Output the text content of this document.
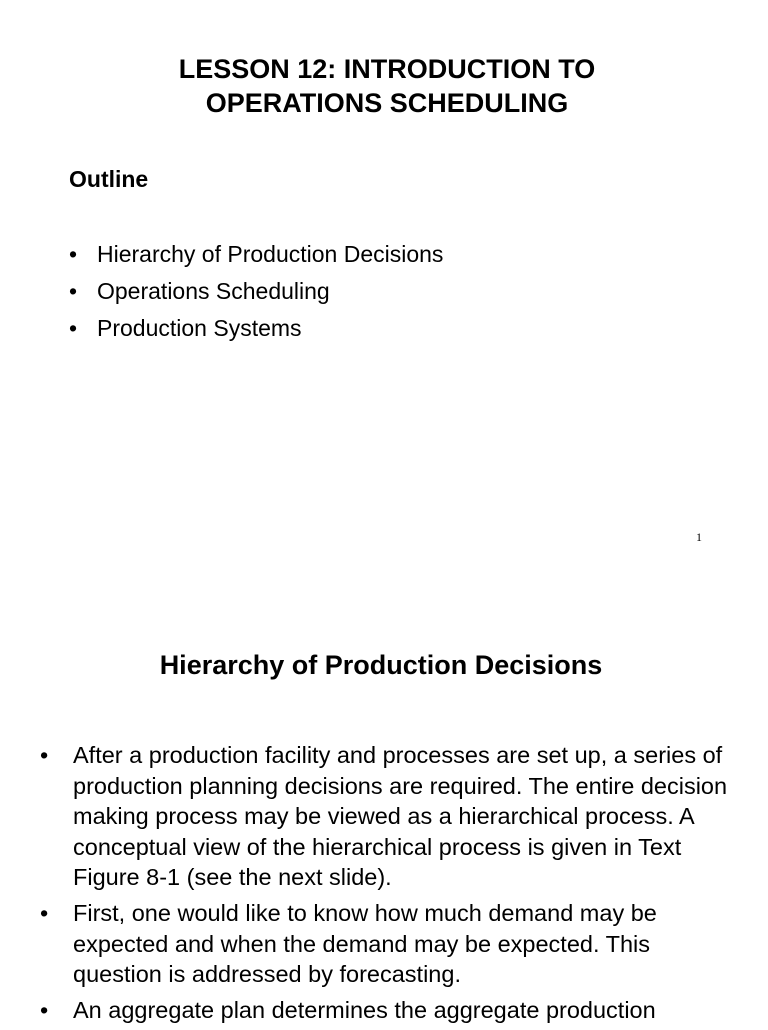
LESSON 12: INTRODUCTION TO
OPERATIONS SCHEDULING
Outline
• Hierarchy of Production Decisions
• Operations Scheduling
• Production Systems
1
Hierarchy of Production Decisions
• After a production facility and processes are set up, a series of production planning decisions are required. The entire decision making process may be viewed as a hierarchical process. A conceptual view of the hierarchical process is given in Text Figure 8-1 (see the next slide).
• First, one would like to know how much demand may be expected and when the demand may be expected. This question is addressed by forecasting.
• An aggregate plan determines the aggregate production
